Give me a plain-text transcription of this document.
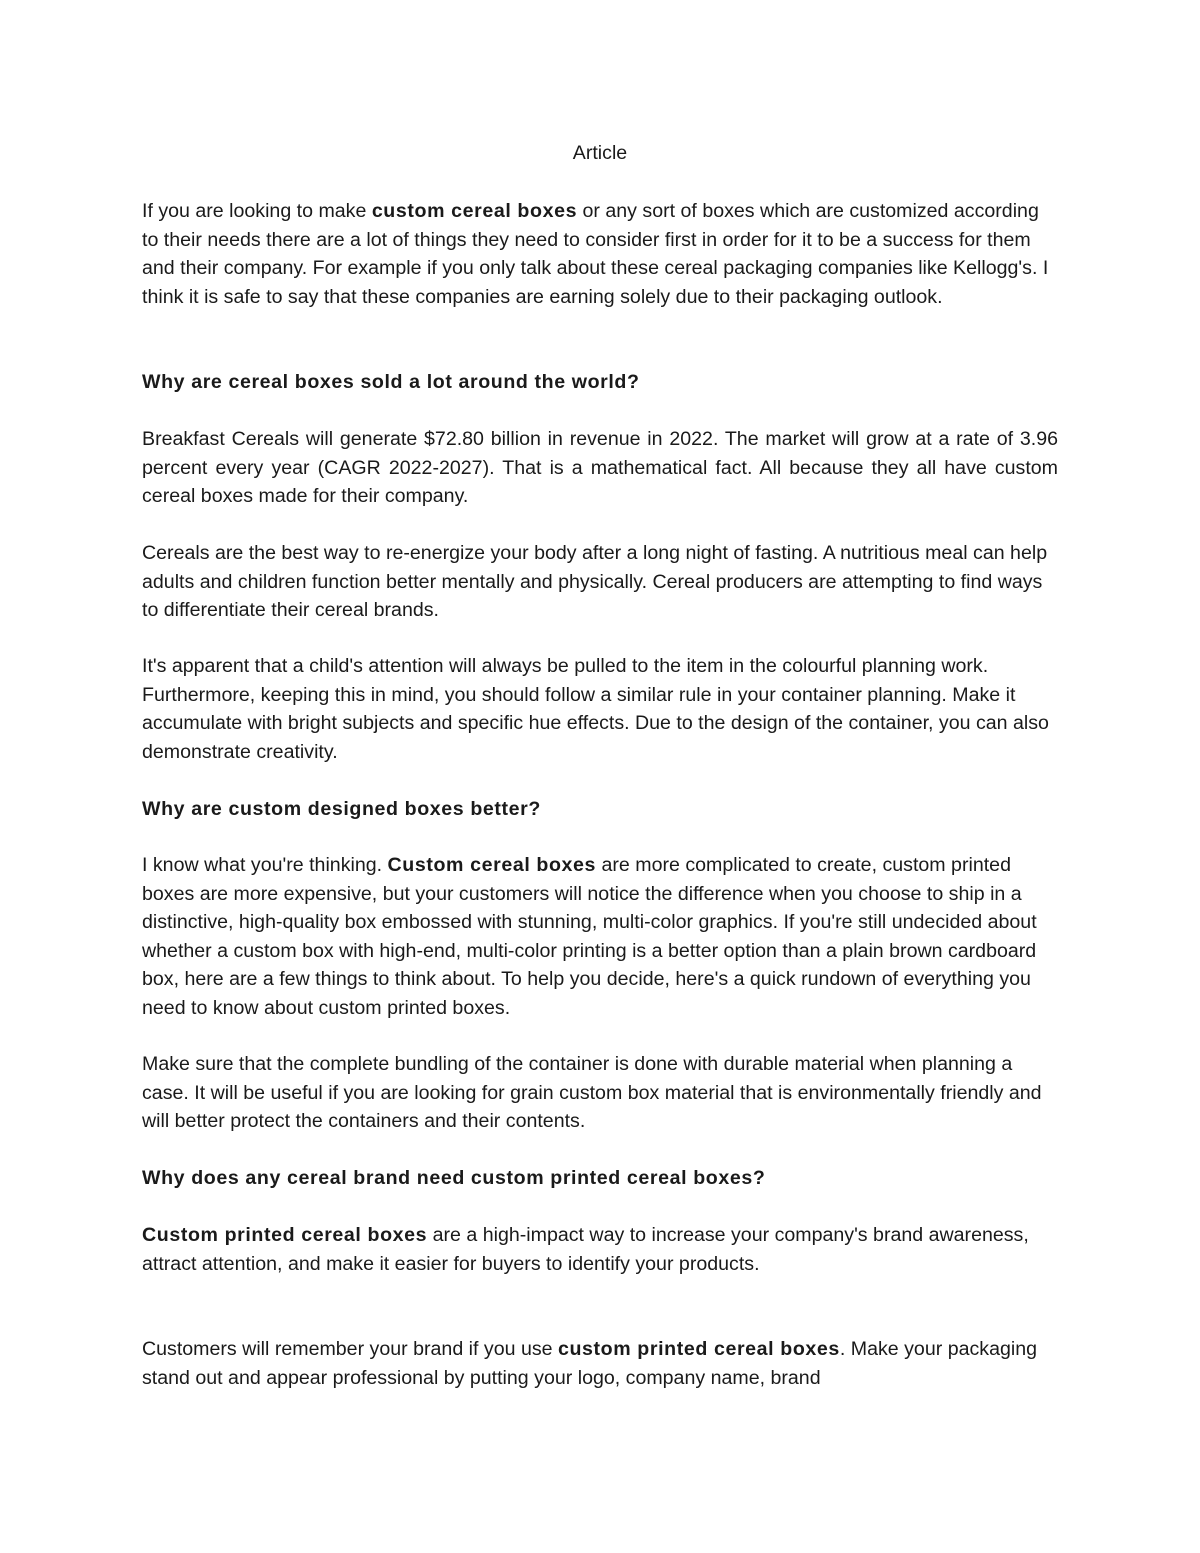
Article

If you are looking to make custom cereal boxes or any sort of boxes which are customized according to their needs there are a lot of things they need to consider first in order for it to be a success for them and their company. For example if you only talk about these cereal packaging companies like Kellogg's. I think it is safe to say that these companies are earning solely due to their packaging outlook.

Why are cereal boxes sold a lot around the world?

Breakfast Cereals will generate $72.80 billion in revenue in 2022. The market will grow at a rate of 3.96 percent every year (CAGR 2022-2027). That is a mathematical fact. All because they all have custom cereal boxes made for their company.

Cereals are the best way to re-energize your body after a long night of fasting. A nutritious meal can help adults and children function better mentally and physically. Cereal producers are attempting to find ways to differentiate their cereal brands.

It's apparent that a child's attention will always be pulled to the item in the colourful planning work. Furthermore, keeping this in mind, you should follow a similar rule in your container planning. Make it accumulate with bright subjects and specific hue effects. Due to the design of the container, you can also demonstrate creativity.

Why are custom designed boxes better?

I know what you're thinking. Custom cereal boxes are more complicated to create, custom printed boxes are more expensive, but your customers will notice the difference when you choose to ship in a distinctive, high-quality box embossed with stunning, multi-color graphics. If you're still undecided about whether a custom box with high-end, multi-color printing is a better option than a plain brown cardboard box, here are a few things to think about. To help you decide, here's a quick rundown of everything you need to know about custom printed boxes.

Make sure that the complete bundling of the container is done with durable material when planning a case. It will be useful if you are looking for grain custom box material that is environmentally friendly and will better protect the containers and their contents.

Why does any cereal brand need custom printed cereal boxes?

Custom printed cereal boxes are a high-impact way to increase your company's brand awareness, attract attention, and make it easier for buyers to identify your products.

Customers will remember your brand if you use custom printed cereal boxes. Make your packaging stand out and appear professional by putting your logo, company name, brand
